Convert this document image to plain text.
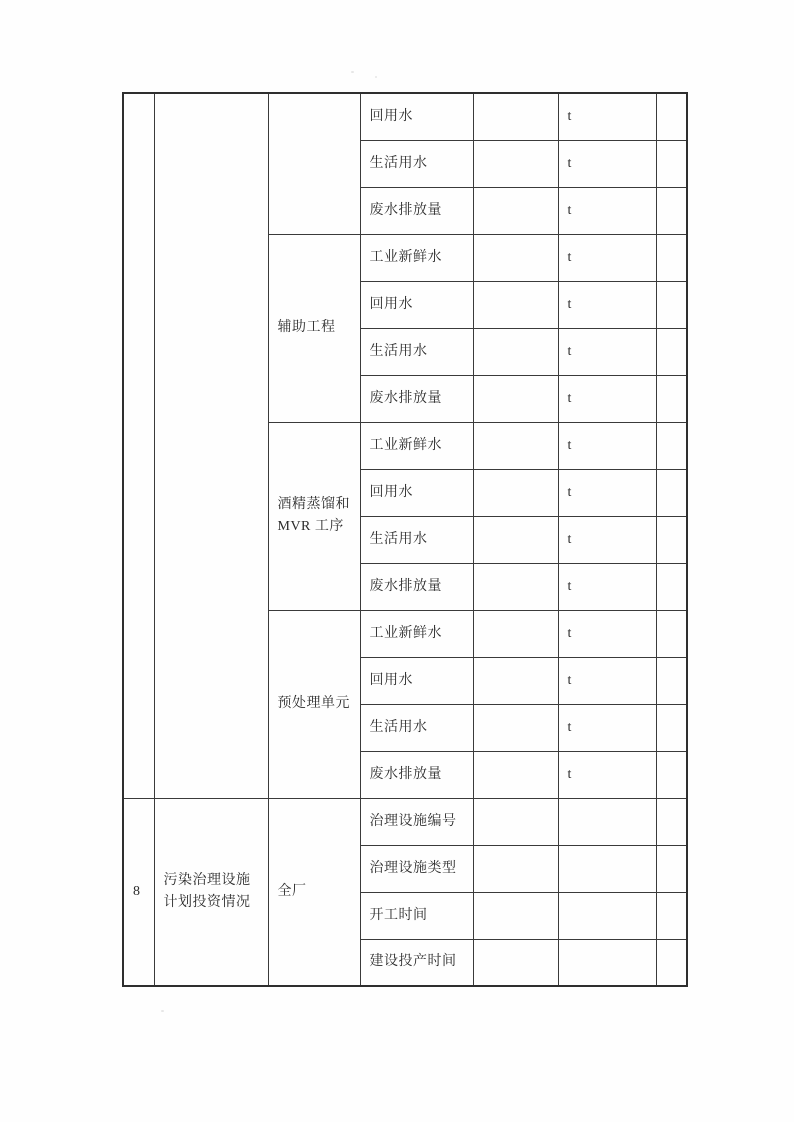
			回用水		t	
			生活用水		t	
			废水排放量		t	
		辅助工程	工业新鲜水		t	
			回用水		t	
			生活用水		t	
			废水排放量		t	
		酒精蒸馏和MVR 工序	工业新鲜水		t	
			回用水		t	
			生活用水		t	
			废水排放量		t	
		预处理单元	工业新鲜水		t	
			回用水		t	
			生活用水		t	
			废水排放量		t	
8	污染治理设施计划投资情况	全厂	治理设施编号			
			治理设施类型			
			开工时间			
			建设投产时间			
